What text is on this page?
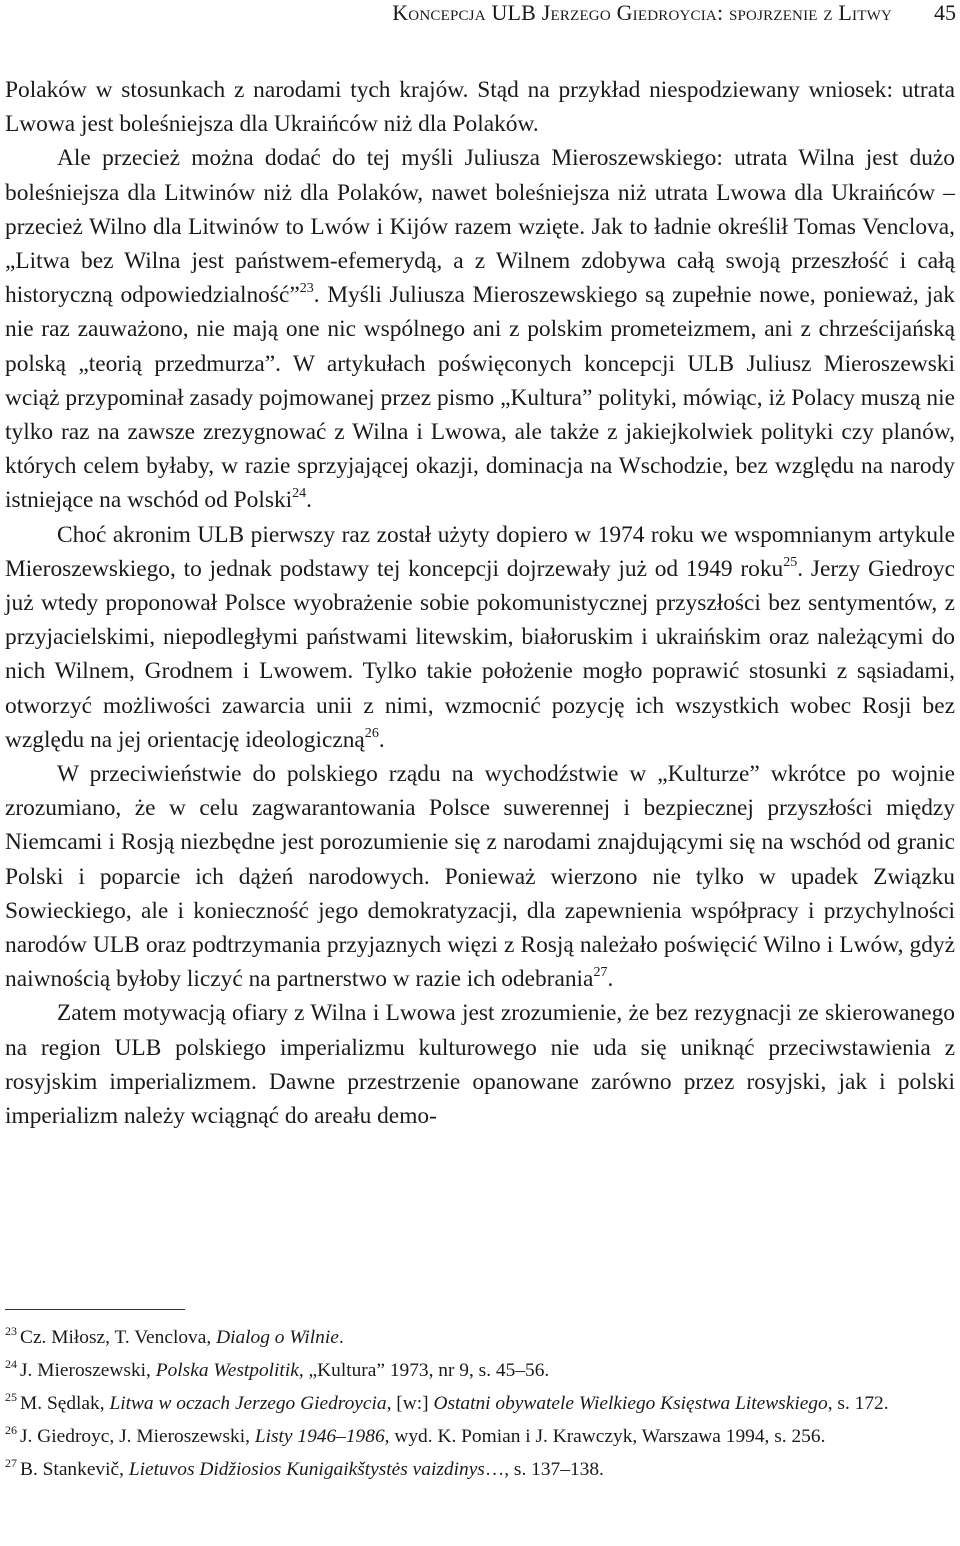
Koncepcja ULB Jerzego Giedroycia: spojrzenie z Litwy 45

Polaków w stosunkach z narodami tych krajów. Stąd na przykład niespodziewany wniosek: utrata Lwowa jest boleśniejsza dla Ukraińców niż dla Polaków.

Ale przecież można dodać do tej myśli Juliusza Mieroszewskiego: utrata Wilna jest dużo boleśniejsza dla Litwinów niż dla Polaków, nawet boleśniejsza niż utrata Lwowa dla Ukraińców – przecież Wilno dla Litwinów to Lwów i Kijów razem wzięte. Jak to ładnie określił Tomas Venclova, „Litwa bez Wilna jest państwem-efemerydą, a z Wilnem zdobywa całą swoją przeszłość i całą historyczną odpowiedzialność”$^{23}$. Myśli Juliusza Mieroszewskiego są zupełnie nowe, ponieważ, jak nie raz zauważono, nie mają one nic wspólnego ani z polskim prometeizmem, ani z chrześcijańską polską „teorią przedmurza”. W artykułach poświęconych koncepcji ULB Juliusz Mieroszewski wciąż przypominał zasady pojmowanej przez pismo „Kultura” polityki, mówiąc, iż Polacy muszą nie tylko raz na zawsze zrezygnować z Wilna i Lwowa, ale także z jakiejkolwiek polityki czy planów, których celem byłaby, w razie sprzyjającej okazji, dominacja na Wschodzie, bez względu na narody istniejące na wschód od Polski$^{24}$.

Choć akronim ULB pierwszy raz został użyty dopiero w 1974 roku we wspomnianym artykule Mieroszewskiego, to jednak podstawy tej koncepcji dojrzewały już od 1949 roku$^{25}$. Jerzy Giedroyc już wtedy proponował Polsce wyobrażenie sobie pokomunistycznej przyszłości bez sentymentów, z przyjacielskimi, niepodległymi państwami litewskim, białoruskim i ukraińskim oraz należącymi do nich Wilnem, Grodnem i Lwowem. Tylko takie położenie mogło poprawić stosunki z sąsiadami, otworzyć możliwości zawarcia unii z nimi, wzmocnić pozycję ich wszystkich wobec Rosji bez względu na jej orientację ideologiczną$^{26}$.

W przeciwieństwie do polskiego rządu na wychodźstwie w „Kulturze” wkrótce po wojnie zrozumiano, że w celu zagwarantowania Polsce suwerennej i bezpiecznej przyszłości między Niemcami i Rosją niezbędne jest porozumienie się z narodami znajdującymi się na wschód od granic Polski i poparcie ich dążeń narodowych. Ponieważ wierzono nie tylko w upadek Związku Sowieckiego, ale i konieczność jego demokratyzacji, dla zapewnienia współpracy i przychylności narodów ULB oraz podtrzymania przyjaznych więzi z Rosją należało poświęcić Wilno i Lwów, gdyż naiwnością byłoby liczyć na partnerstwo w razie ich odebrania$^{27}$.

Zatem motywacją ofiary z Wilna i Lwowa jest zrozumienie, że bez rezygnacji ze skierowanego na region ULB polskiego imperializmu kulturowego nie uda się uniknąć przeciwstawienia z rosyjskim imperializmem. Dawne przestrzenie opanowane zarówno przez rosyjski, jak i polski imperializm należy wciągnąć do areału demo-

$^{23}$ Cz. Miłosz, T. Venclova, Dialog o Wilnie.

$^{24}$ J. Mieroszewski, Polska Westpolitik, „Kultura” 1973, nr 9, s. 45–56.

$^{25}$ M. Sędlak, Litwa w oczach Jerzego Giedroycia, [w:] Ostatni obywatele Wielkiego Księstwa Litewskiego, s. 172.

$^{26}$ J. Giedroyc, J. Mieroszewski, Listy 1946–1986, wyd. K. Pomian i J. Krawczyk, Warszawa 1994, s. 256.

$^{27}$ B. Stankevič, Lietuvos Didžiosios Kunigaikštystės vaizdinys…, s. 137–138.
